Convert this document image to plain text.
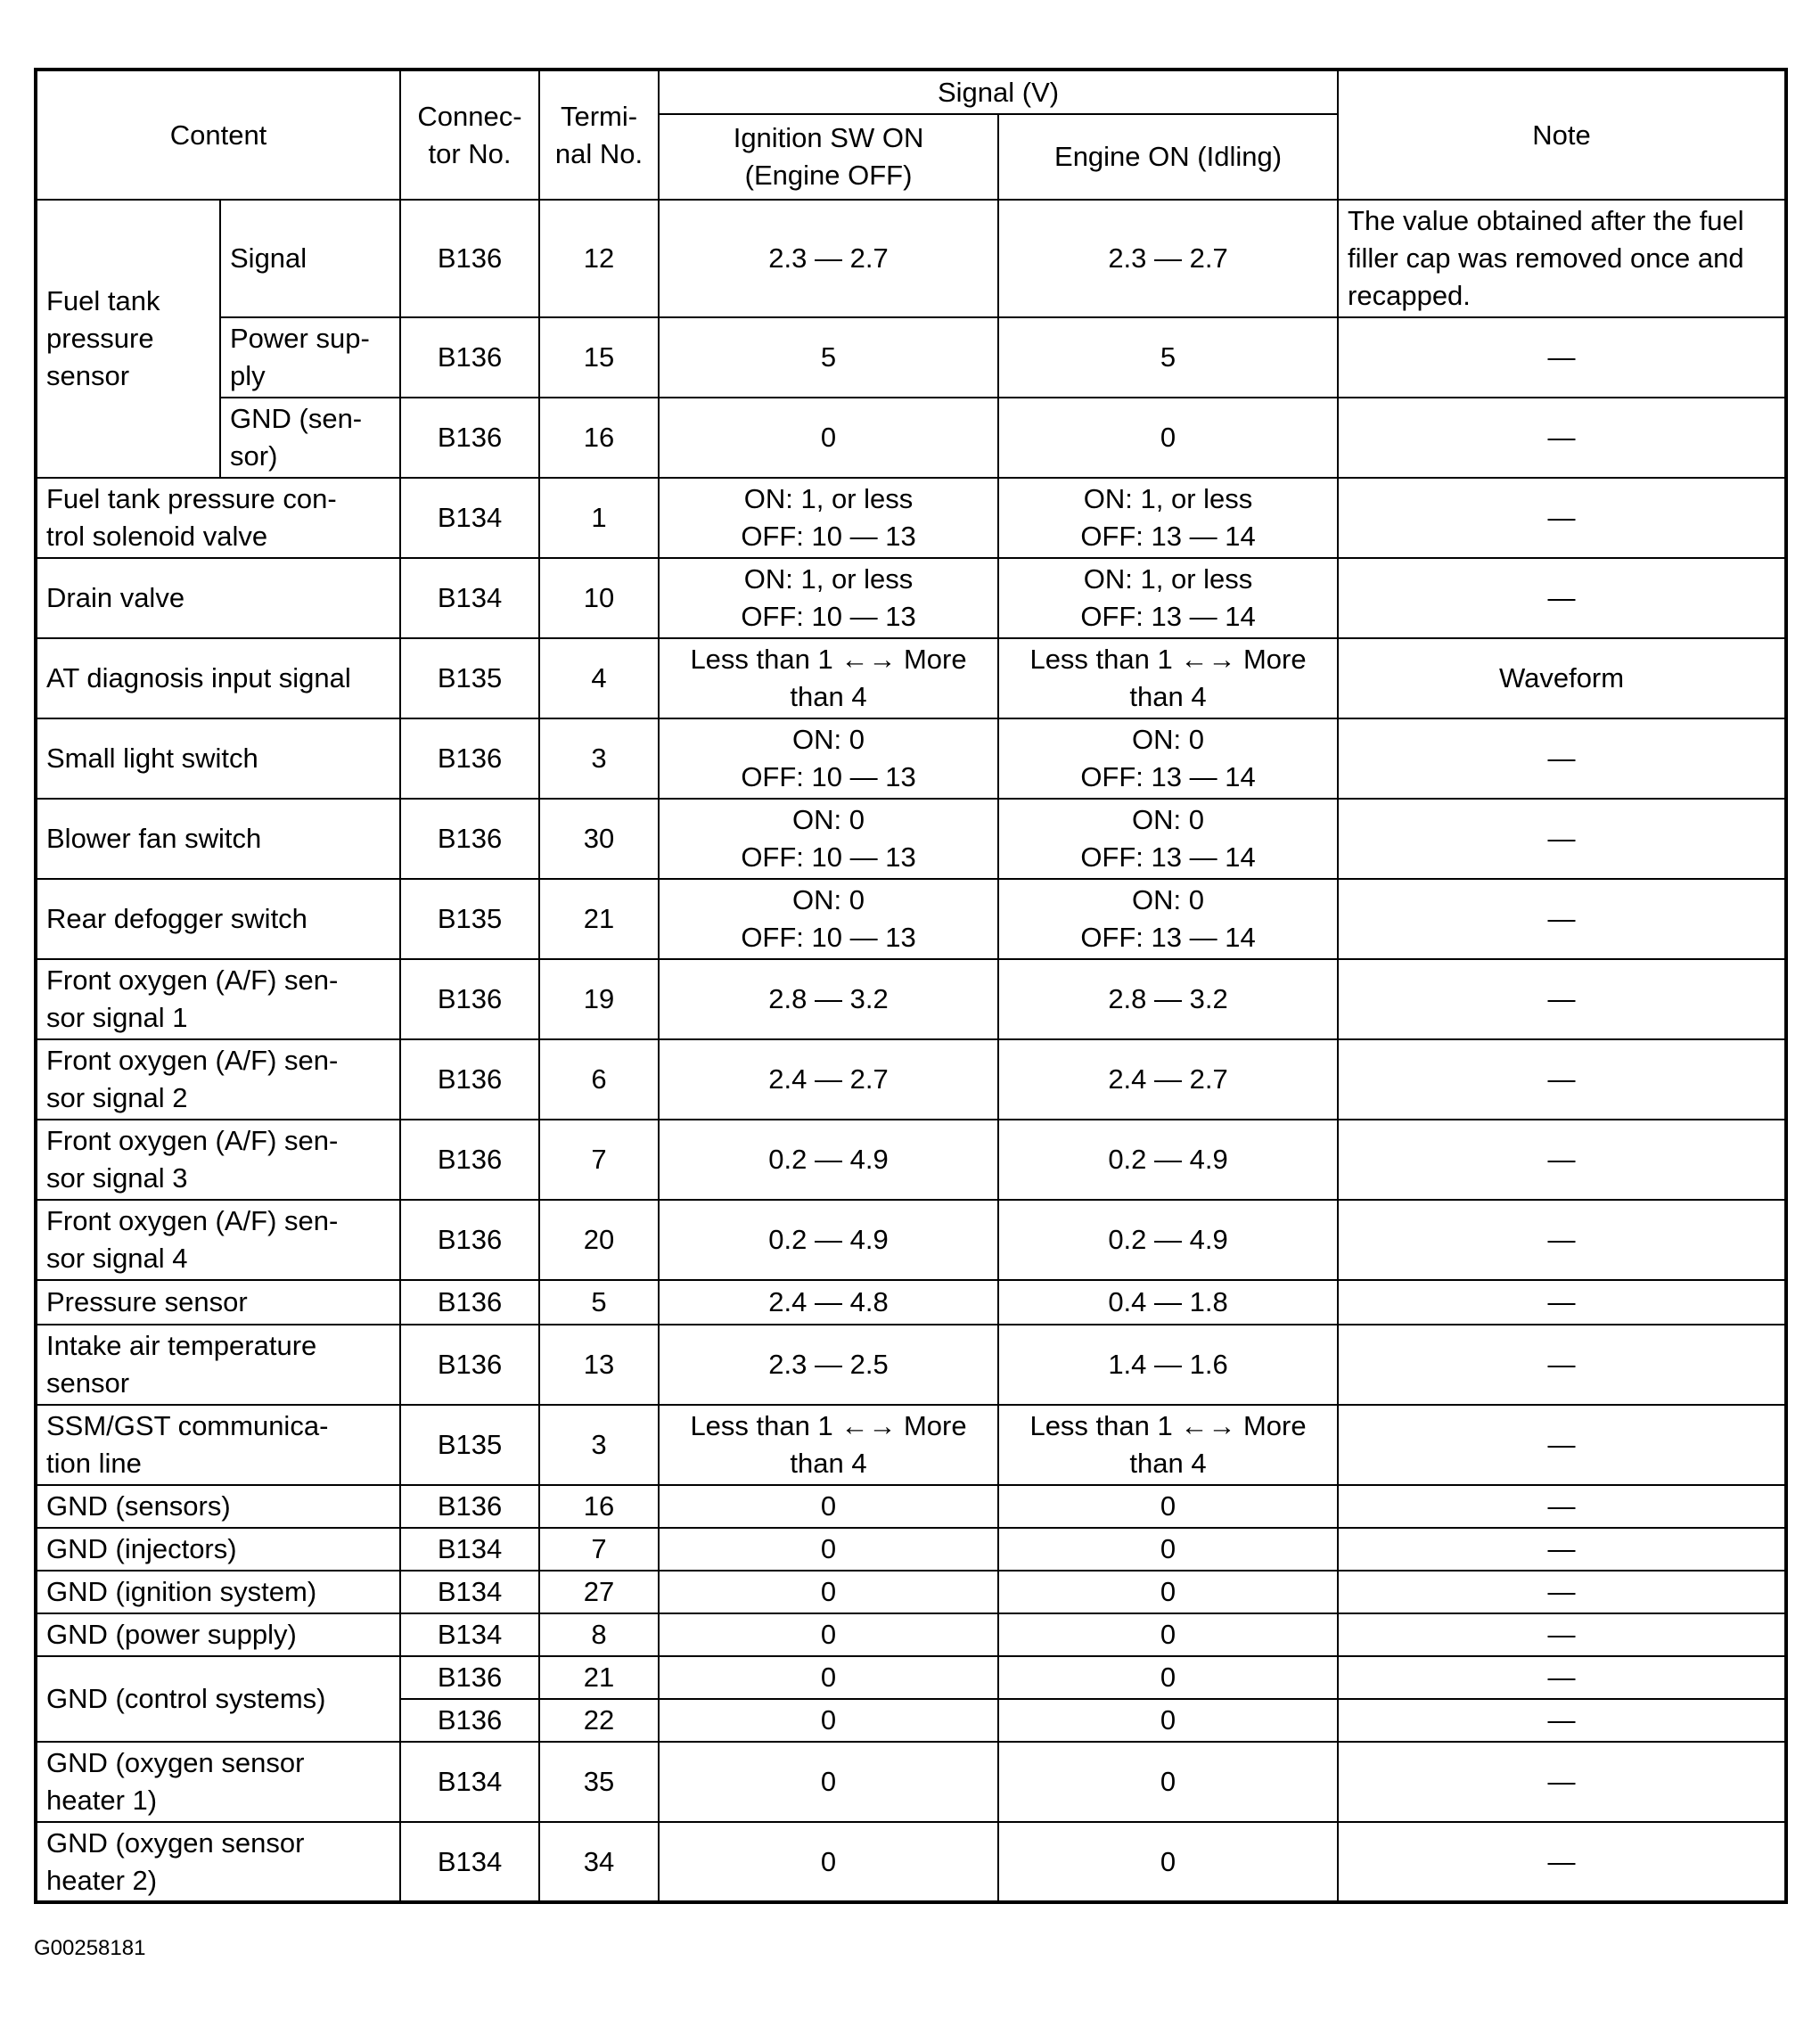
Content		Connec-
tor No.	Termi-
nal No.	Signal (V)		Note
				Ignition SW ON
(Engine OFF)	Engine ON (Idling)	
Fuel tank
pressure
sensor	Signal	B136	12	2.3 — 2.7	2.3 — 2.7	The value obtained after the fuel filler cap was removed once and recapped.
	Power sup-
ply	B136	15	5	5	—
	GND (sen-
sor)	B136	16	0	0	—
Fuel tank pressure con-
trol solenoid valve		B134	1	ON: 1, or less
OFF: 10 — 13	ON: 1, or less
OFF: 13 — 14	—
Drain valve		B134	10	ON: 1, or less
OFF: 10 — 13	ON: 1, or less
OFF: 13 — 14	—
AT diagnosis input signal		B135	4	Less than 1 ←→ More
than 4	Less than 1 ←→ More
than 4	Waveform
Small light switch		B136	3	ON: 0
OFF: 10 — 13	ON: 0
OFF: 13 — 14	—
Blower fan switch		B136	30	ON: 0
OFF: 10 — 13	ON: 0
OFF: 13 — 14	—
Rear defogger switch		B135	21	ON: 0
OFF: 10 — 13	ON: 0
OFF: 13 — 14	—
Front oxygen (A/F) sen-
sor signal 1		B136	19	2.8 — 3.2	2.8 — 3.2	—
Front oxygen (A/F) sen-
sor signal 2		B136	6	2.4 — 2.7	2.4 — 2.7	—
Front oxygen (A/F) sen-
sor signal 3		B136	7	0.2 — 4.9	0.2 — 4.9	—
Front oxygen (A/F) sen-
sor signal 4		B136	20	0.2 — 4.9	0.2 — 4.9	—
Pressure sensor		B136	5	2.4 — 4.8	0.4 — 1.8	—
Intake air temperature
sensor		B136	13	2.3 — 2.5	1.4 — 1.6	—
SSM/GST communica-
tion line		B135	3	Less than 1 ←→ More
than 4	Less than 1 ←→ More
than 4	—
GND (sensors)		B136	16	0	0	—
GND (injectors)		B134	7	0	0	—
GND (ignition system)		B134	27	0	0	—
GND (power supply)		B134	8	0	0	—
GND (control systems)		B136	21	0	0	—
		B136	22	0	0	—
GND (oxygen sensor
heater 1)		B134	35	0	0	—
GND (oxygen sensor
heater 2)		B134	34	0	0	—
G00258181
